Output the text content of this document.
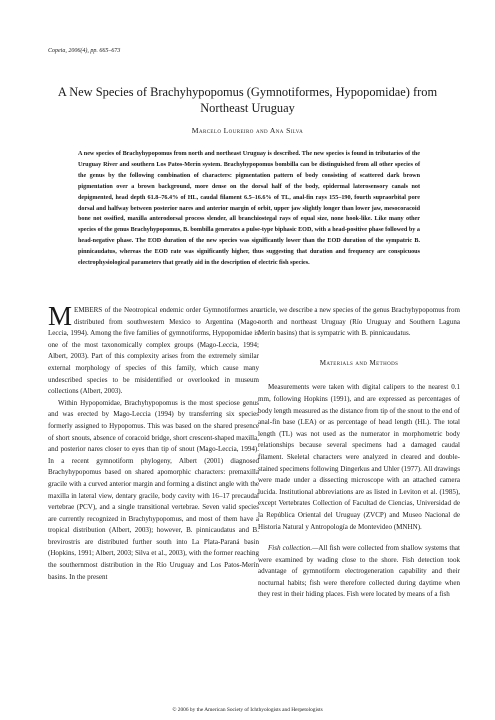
Copeia, 2006(4), pp. 665–673
A New Species of Brachyhypopomus (Gymnotiformes, Hypopomidae) from Northeast Uruguay
Marcelo Loureiro and Ana Silva
A new species of Brachyhypopomus from north and northeast Uruguay is described. The new species is found in tributaries of the Uruguay River and southern Los Patos-Merín system. Brachyhypopomus bombilla can be distinguished from all other species of the genus by the following combination of characters: pigmentation pattern of body consisting of scattered dark brown pigmentation over a brown background, more dense on the dorsal half of the body, epidermal laterosensory canals not depigmented, head depth 61.8–76.4% of HL, caudal filament 6.5–16.6% of TL, anal-fin rays 155–190, fourth supraorbital pore dorsal and halfway between posterior nares and anterior margin of orbit, upper jaw slightly longer than lower jaw, mesocoracoid bone not ossified, maxilla anterodorsal process slender, all branchiostegal rays of equal size, none hook-like. Like many other species of the genus Brachyhypopomus, B. bombilla generates a pulse-type biphasic EOD, with a head-positive phase followed by a head-negative phase. The EOD duration of the new species was significantly lower than the EOD duration of the sympatric B. pinnicaudatus, whereas the EOD rate was significantly higher, thus suggesting that duration and frequency are conspicuous electrophysiological parameters that greatly aid in the description of electric fish species.

MEMBERS of the Neotropical endemic order Gymnotiformes are distributed from southwestern Mexico to Argentina (Mago-Leccia, 1994). Among the five families of gymnotiforms, Hypopomidae is one of the most taxonomically complex groups (Mago-Leccia, 1994; Albert, 2003). Part of this complexity arises from the extremely similar external morphology of species of this family, which cause many undescribed species to be misidentified or overlooked in museum collections (Albert, 2003).

Within Hypopomidae, Brachyhypopomus is the most speciose genus and was erected by Mago-Leccia (1994) by transferring six species formerly assigned to Hypopomus. This was based on the shared presence of short snouts, absence of coracoid bridge, short crescent-shaped maxilla, and posterior nares closer to eyes than tip of snout (Mago-Leccia, 1994). In a recent gymnotiform phylogeny, Albert (2001) diagnosed Brachyhypopomus based on shared apomorphic characters: premaxilla gracile with a curved anterior margin and forming a distinct angle with the maxilla in lateral view, dentary gracile, body cavity with 16–17 precaudal vertebrae (PCV), and a single transitional vertebrae. Seven valid species are currently recognized in Brachyhypopomus, and most of them have a tropical distribution (Albert, 2003); however, B. pinnicaudatus and B. brevirostris are distributed further south into La Plata-Paraná basin (Hopkins, 1991; Albert, 2003; Silva et al., 2003), with the former reaching the southernmost distribution in the Río Uruguay and Los Patos-Merín basins. In the present

article, we describe a new species of the genus Brachyhypopomus from north and northeast Uruguay (Río Uruguay and Southern Laguna Merín basins) that is sympatric with B. pinnicaudatus.

Materials and Methods

Measurements were taken with digital calipers to the nearest 0.1 mm, following Hopkins (1991), and are expressed as percentages of body length measured as the distance from tip of the snout to the end of anal-fin base (LEA) or as percentage of head length (HL). The total length (TL) was not used as the numerator in morphometric body relationships because several specimens had a damaged caudal filament. Skeletal characters were analyzed in cleared and double-stained specimens following Dingerkus and Uhler (1977). All drawings were made under a dissecting microscope with an attached camera lucida. Institutional abbreviations are as listed in Leviton et al. (1985), except Vertebrates Collection of Facultad de Ciencias, Universidad de la República Oriental del Uruguay (ZVCP) and Museo Nacional de Historia Natural y Antropología de Montevideo (MNHN).

Fish collection.—All fish were collected from shallow systems that were examined by wading close to the shore. Fish detection took advantage of gymnotiform electrogeneration capability and their nocturnal habits; fish were therefore collected during daytime when they rest in their hiding places. Fish were located by means of a fish

© 2006 by the American Society of Ichthyologists and Herpetologists
